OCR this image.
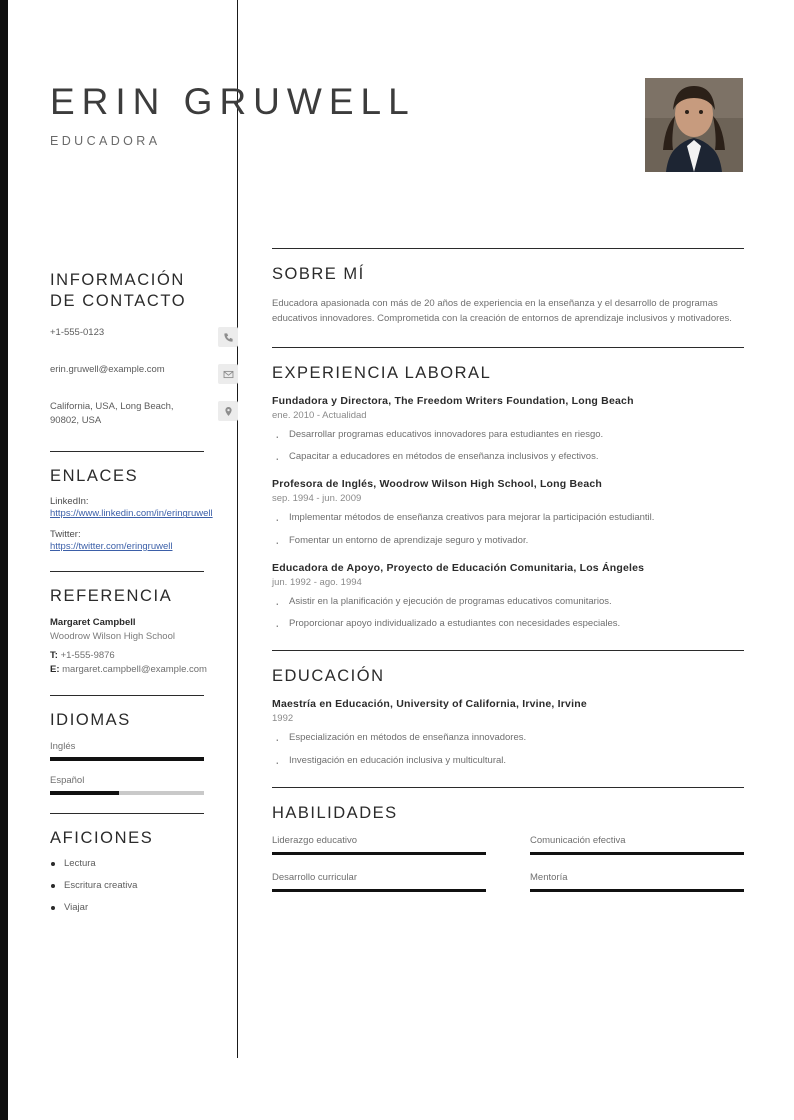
ERIN GRUWELL
EDUCADORA
INFORMACIÓN
DE CONTACTO
+1-555-0123
erin.gruwell@example.com
California, USA, Long Beach, 90802, USA
ENLACES
LinkedIn:
https://www.linkedin.com/in/eringruwell
Twitter:
https://twitter.com/eringruwell
REFERENCIA
Margaret Campbell
Woodrow Wilson High School
T: +1-555-9876
E: margaret.campbell@example.com
IDIOMAS
Inglés
Español
AFICIONES

Lectura

Escritura creativa

Viajar

SOBRE MÍ

Educadora apasionada con más de 20 años de experiencia en la enseñanza y el desarrollo de programas educativos innovadores. Comprometida con la creación de entornos de aprendizaje inclusivos y motivadores.

EXPERIENCIA LABORAL
Fundadora y Directora, The Freedom Writers Foundation, Long Beach
ene. 2010 - Actualidad

· Desarrollar programas educativos innovadores para estudiantes en riesgo.

· Capacitar a educadores en métodos de enseñanza inclusivos y efectivos.

Profesora de Inglés, Woodrow Wilson High School, Long Beach
sep. 1994 - jun. 2009

· Implementar métodos de enseñanza creativos para mejorar la participación estudiantil.

· Fomentar un entorno de aprendizaje seguro y motivador.

Educadora de Apoyo, Proyecto de Educación Comunitaria, Los Ángeles
jun. 1992 - ago. 1994

· Asistir en la planificación y ejecución de programas educativos comunitarios.

· Proporcionar apoyo individualizado a estudiantes con necesidades especiales.

EDUCACIÓN
Maestría en Educación, University of California, Irvine, Irvine
1992

· Especialización en métodos de enseñanza innovadores.

· Investigación en educación inclusiva y multicultural.

HABILIDADES
Liderazgo educativo	Comunicación efectiva
Desarrollo curricular	Mentoría
